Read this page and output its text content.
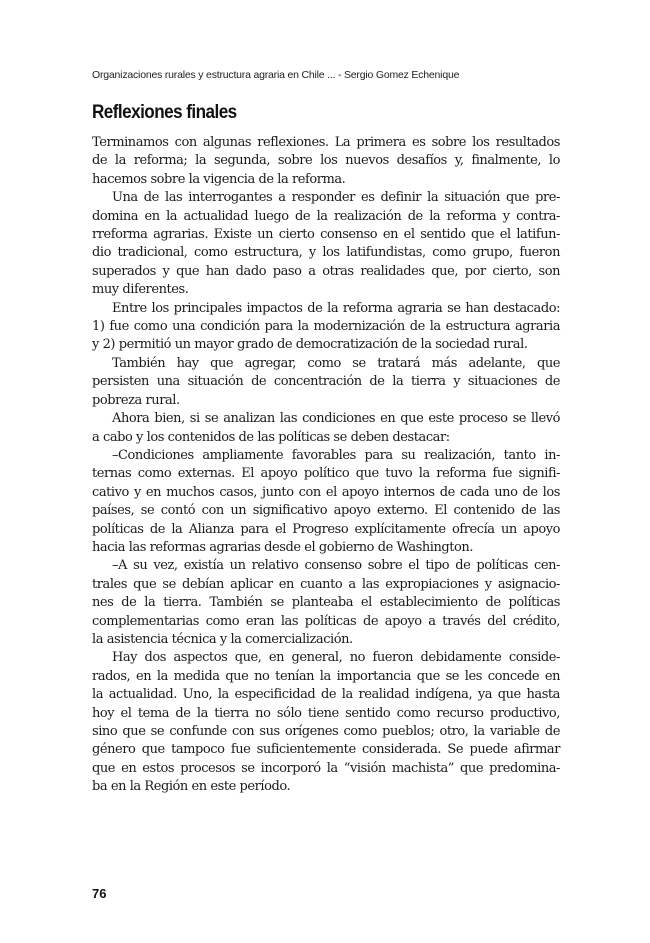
Organizaciones rurales y estructura agraria en Chile ... - Sergio Gomez Echenique
Reflexiones finales
Terminamos con algunas reflexiones. La primera es sobre los resultados
de la reforma; la segunda, sobre los nuevos desafíos y, finalmente, lo
hacemos sobre la vigencia de la reforma.
Una de las interrogantes a responder es definir la situación que pre-
domina en la actualidad luego de la realización de la reforma y contra-
rreforma agrarias. Existe un cierto consenso en el sentido que el latifun-
dio tradicional, como estructura, y los latifundistas, como grupo, fueron
superados y que han dado paso a otras realidades que, por cierto, son
muy diferentes.
Entre los principales impactos de la reforma agraria se han destacado:
1) fue como una condición para la modernización de la estructura agraria
y 2) permitió un mayor grado de democratización de la sociedad rural.
También hay que agregar, como se tratará más adelante, que
persisten una situación de concentración de la tierra y situaciones de
pobreza rural.
Ahora bien, si se analizan las condiciones en que este proceso se llevó
a cabo y los contenidos de las políticas se deben destacar:
–Condiciones ampliamente favorables para su realización, tanto in-
ternas como externas. El apoyo político que tuvo la reforma fue signifi-
cativo y en muchos casos, junto con el apoyo internos de cada uno de los
países, se contó con un significativo apoyo externo. El contenido de las
políticas de la Alianza para el Progreso explícitamente ofrecía un apoyo
hacia las reformas agrarias desde el gobierno de Washington.
–A su vez, existía un relativo consenso sobre el tipo de políticas cen-
trales que se debían aplicar en cuanto a las expropiaciones y asignacio-
nes de la tierra. También se planteaba el establecimiento de políticas
complementarias como eran las políticas de apoyo a través del crédito,
la asistencia técnica y la comercialización.
Hay dos aspectos que, en general, no fueron debidamente conside-
rados, en la medida que no tenían la importancia que se les concede en
la actualidad. Uno, la especificidad de la realidad indígena, ya que hasta
hoy el tema de la tierra no sólo tiene sentido como recurso productivo,
sino que se confunde con sus orígenes como pueblos; otro, la variable de
género que tampoco fue suficientemente considerada. Se puede afirmar
que en estos procesos se incorporó la “visión machista” que predomina-
ba en la Región en este período.
76
